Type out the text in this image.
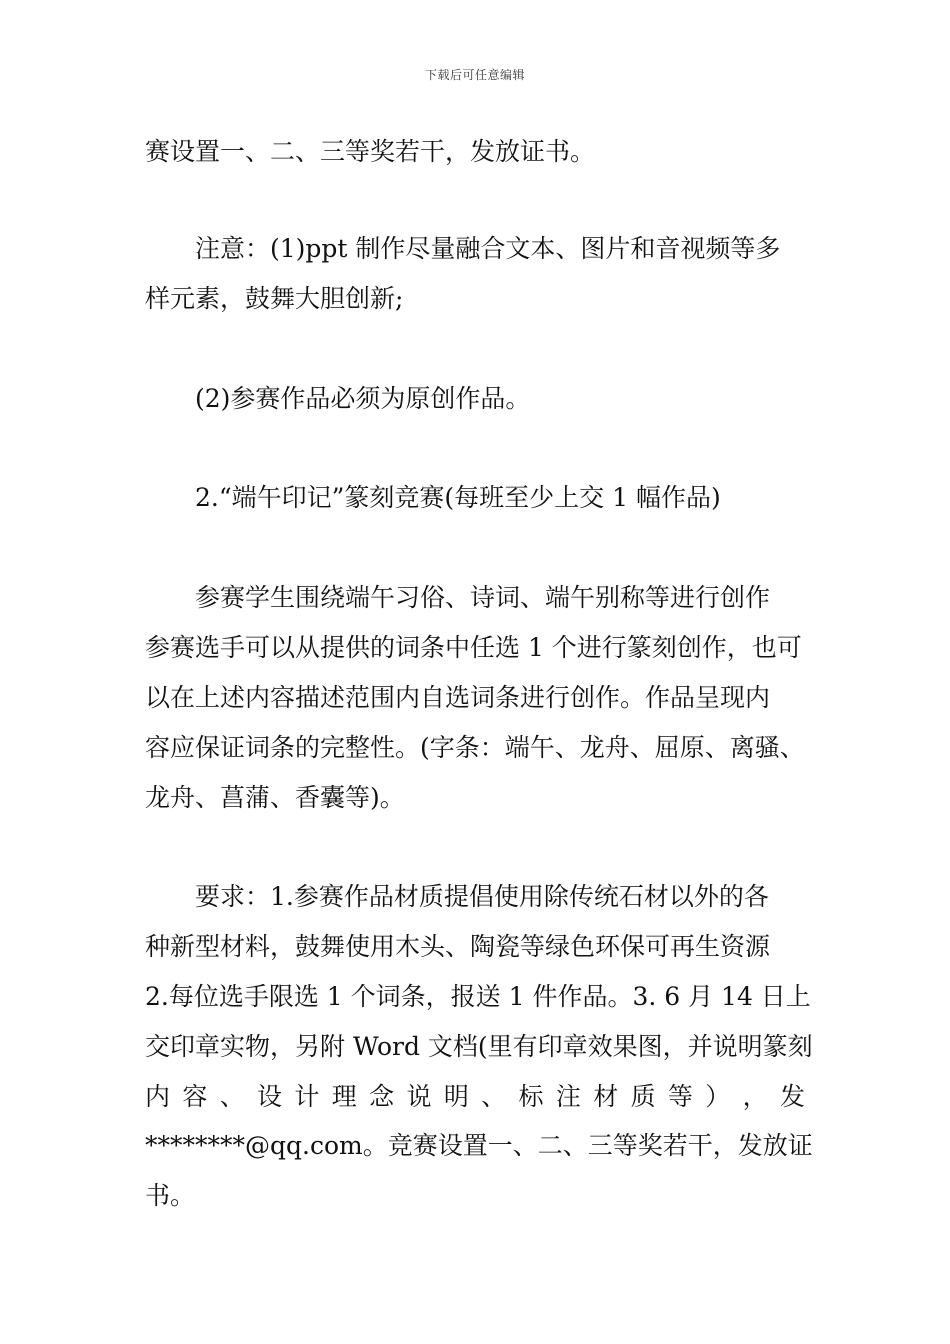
下载后可任意编辑
赛设置一、二、三等奖若干，发放证书。
注意：(1)ppt 制作尽量融合文本、图片和音视频等多
样元素，鼓舞大胆创新;
(2)参赛作品必须为原创作品。
2.“端午印记”篆刻竞赛(每班至少上交 1 幅作品)
参赛学生围绕端午习俗、诗词、端午别称等进行创作
参赛选手可以从提供的词条中任选 1 个进行篆刻创作，也可
以在上述内容描述范围内自选词条进行创作。作品呈现内
容应保证词条的完整性。(字条：端午、龙舟、屈原、离骚、
龙舟、菖蒲、香囊等)。
要求：1.参赛作品材质提倡使用除传统石材以外的各
种新型材料，鼓舞使用木头、陶瓷等绿色环保可再生资源
2.每位选手限选 1 个词条，报送 1 件作品。3. 6 月 14 日上
交印章实物，另附 Word 文档(里有印章效果图，并说明篆刻
内 容 、 设 计 理 念 说 明 、 标 注 材 质 等 ） ， 发
********@qq.com。竞赛设置一、二、三等奖若干，发放证
书。
